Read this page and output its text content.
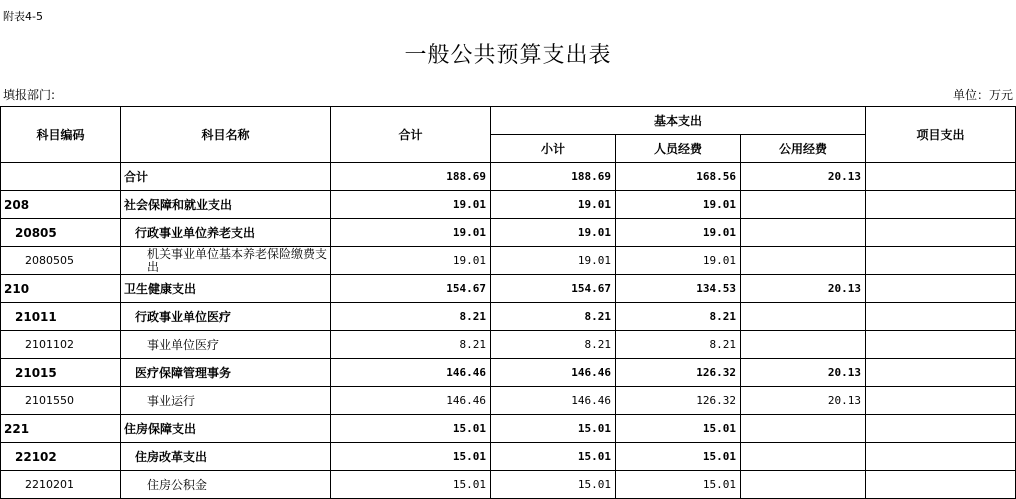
附表4-5
一般公共预算支出表
填报部门:	单位：万元
科目编码	科目名称	合计	基本支出			项目支出
			小计	人员经费	公用经费	
	合计	188.69	188.69	168.56	20.13	
208	社会保障和就业支出	19.01	19.01	19.01		
20805	行政事业单位养老支出	19.01	19.01	19.01		
2080505	机关事业单位基本养老保险缴费支出	19.01	19.01	19.01		
210	卫生健康支出	154.67	154.67	134.53	20.13	
21011	行政事业单位医疗	8.21	8.21	8.21		
2101102	事业单位医疗	8.21	8.21	8.21		
21015	医疗保障管理事务	146.46	146.46	126.32	20.13	
2101550	事业运行	146.46	146.46	126.32	20.13	
221	住房保障支出	15.01	15.01	15.01		
22102	住房改革支出	15.01	15.01	15.01		
2210201	住房公积金	15.01	15.01	15.01		
